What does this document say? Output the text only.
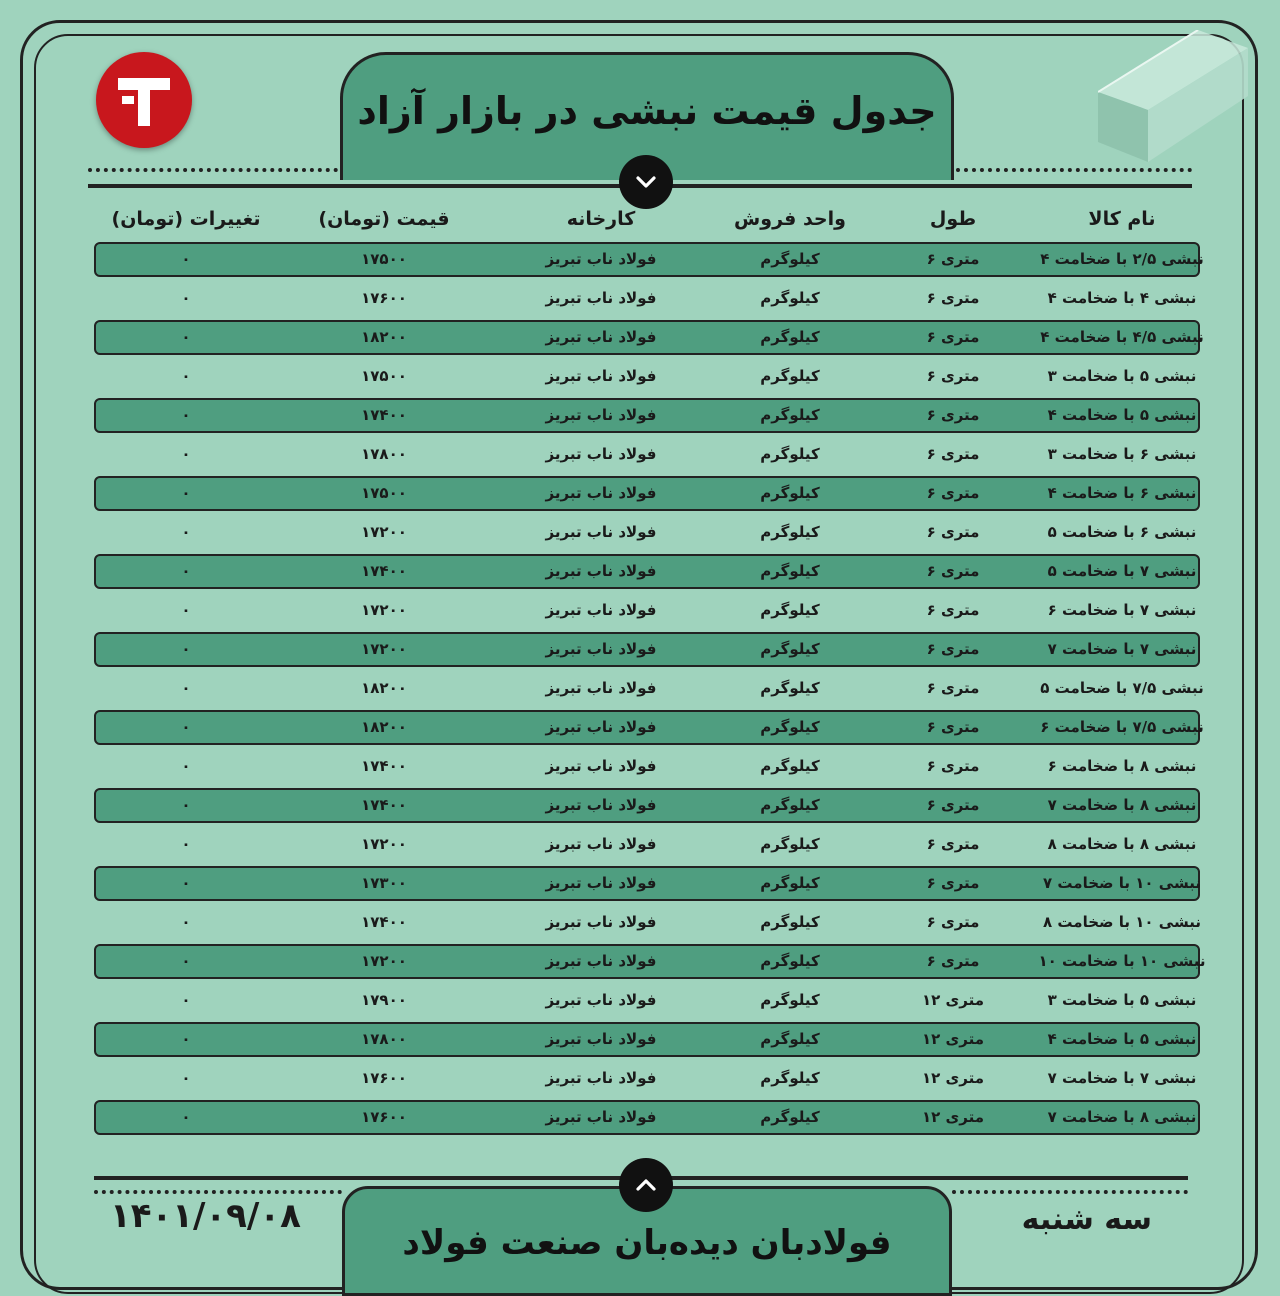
جدول قیمت نبشی در بازار آزاد
نام کالا
طول
واحد فروش
کارخانه
قیمت (تومان)
تغییرات (تومان)
نبشی ۲/۵ با ضخامت ۴
متری ۶
کیلوگرم
فولاد ناب تبریز
۱۷۵۰۰
۰
نبشی ۴ با ضخامت ۴
متری ۶
کیلوگرم
فولاد ناب تبریز
۱۷۶۰۰
۰
نبشی ۴/۵ با ضخامت ۴
متری ۶
کیلوگرم
فولاد ناب تبریز
۱۸۲۰۰
۰
نبشی ۵ با ضخامت ۳
متری ۶
کیلوگرم
فولاد ناب تبریز
۱۷۵۰۰
۰
نبشی ۵ با ضخامت ۴
متری ۶
کیلوگرم
فولاد ناب تبریز
۱۷۴۰۰
۰
نبشی ۶ با ضخامت ۳
متری ۶
کیلوگرم
فولاد ناب تبریز
۱۷۸۰۰
۰
نبشی ۶ با ضخامت ۴
متری ۶
کیلوگرم
فولاد ناب تبریز
۱۷۵۰۰
۰
نبشی ۶ با ضخامت ۵
متری ۶
کیلوگرم
فولاد ناب تبریز
۱۷۲۰۰
۰
نبشی ۷ با ضخامت ۵
متری ۶
کیلوگرم
فولاد ناب تبریز
۱۷۴۰۰
۰
نبشی ۷ با ضخامت ۶
متری ۶
کیلوگرم
فولاد ناب تبریز
۱۷۲۰۰
۰
نبشی ۷ با ضخامت ۷
متری ۶
کیلوگرم
فولاد ناب تبریز
۱۷۲۰۰
۰
نبشی ۷/۵ با ضحامت ۵
متری ۶
کیلوگرم
فولاد ناب تبریز
۱۸۲۰۰
۰
نبشی ۷/۵ با ضخامت ۶
متری ۶
کیلوگرم
فولاد ناب تبریز
۱۸۲۰۰
۰
نبشی ۸ با ضخامت ۶
متری ۶
کیلوگرم
فولاد ناب تبریز
۱۷۴۰۰
۰
نبشی ۸ با ضخامت ۷
متری ۶
کیلوگرم
فولاد ناب تبریز
۱۷۴۰۰
۰
نبشی ۸ با ضخامت ۸
متری ۶
کیلوگرم
فولاد ناب تبریز
۱۷۲۰۰
۰
نبشی ۱۰ با ضخامت ۷
متری ۶
کیلوگرم
فولاد ناب تبریز
۱۷۳۰۰
۰
نبشی ۱۰ با ضخامت ۸
متری ۶
کیلوگرم
فولاد ناب تبریز
۱۷۴۰۰
۰
نبشی ۱۰ با ضخامت ۱۰
متری ۶
کیلوگرم
فولاد ناب تبریز
۱۷۲۰۰
۰
نبشی ۵ با ضخامت ۳
متری ۱۲
کیلوگرم
فولاد ناب تبریز
۱۷۹۰۰
۰
نبشی ۵ با ضخامت ۴
متری ۱۲
کیلوگرم
فولاد ناب تبریز
۱۷۸۰۰
۰
نبشی ۷ با ضخامت ۷
متری ۱۲
کیلوگرم
فولاد ناب تبریز
۱۷۶۰۰
۰
نبشی ۸ با ضخامت ۷
متری ۱۲
کیلوگرم
فولاد ناب تبریز
۱۷۶۰۰
۰
فولادبان دیده‌بان صنعت فولاد
۱۴۰۱/۰۹/۰۸	سه شنبه
